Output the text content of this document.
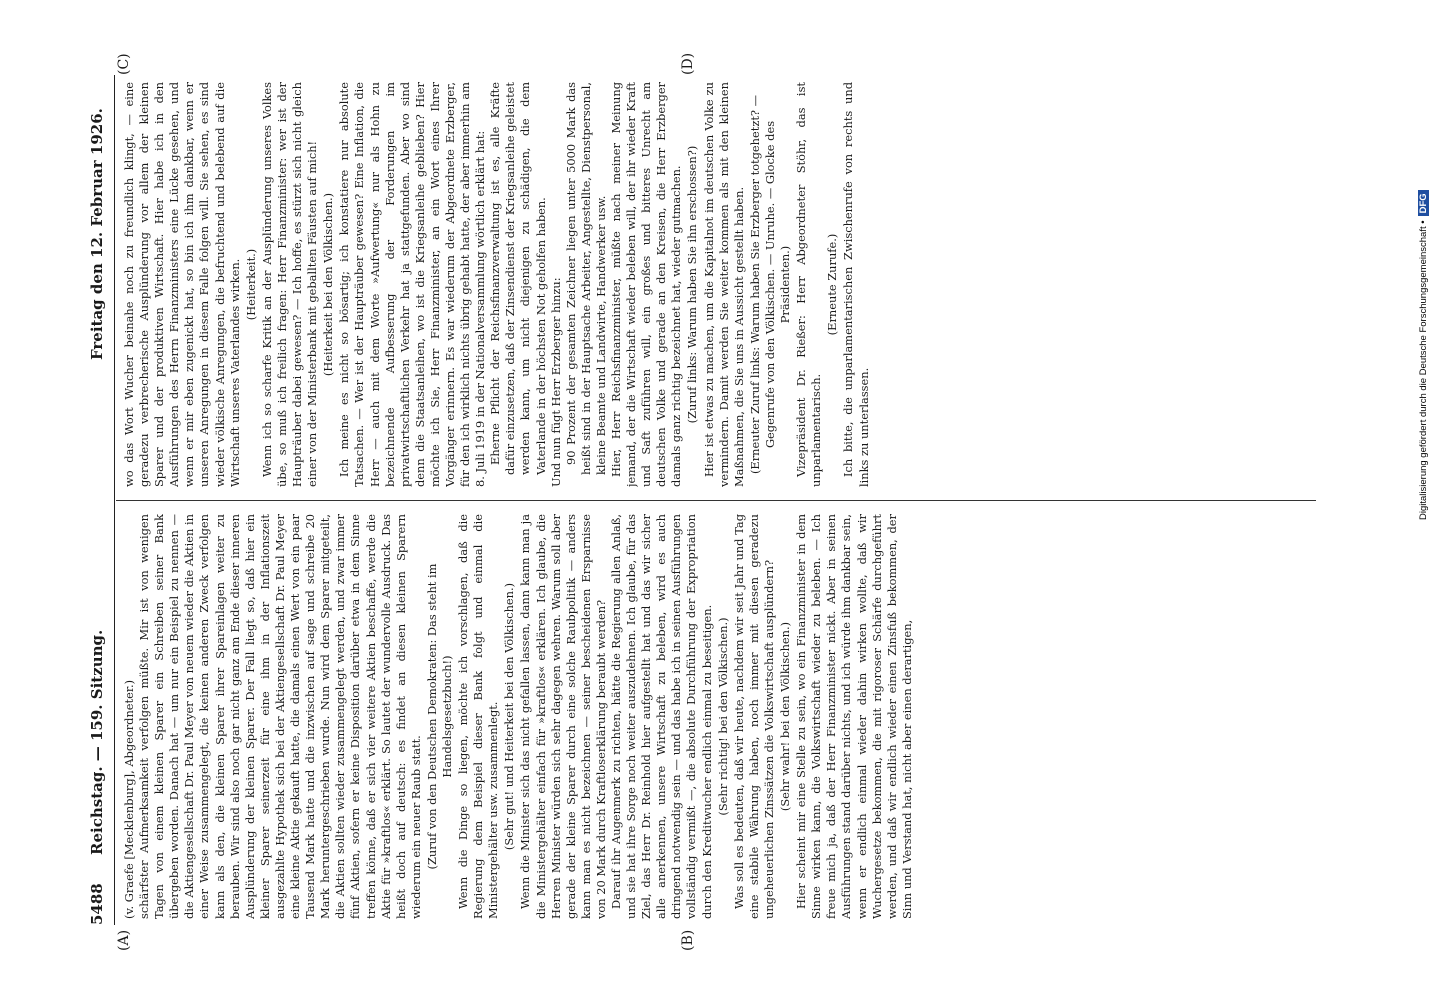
5488
Reichstag. — 159. Sitzung.
Freitag den 12. Februar 1926.
(A)	(B)
(C)	(D)

(v. Graefe [Mecklenburg], Abgeordneter.) schärfster Aufmerksamkeit verfolgen müßte. Mir ist von wenigen Tagen von einem kleinen Sparer ein Schreiben seiner Bank übergeben worden. Danach hat — um nur ein Beispiel zu nennen — die Aktiengesellschaft Dr. Paul Meyer von neuem wieder die Aktien in einer Weise zusammengelegt, die keinen anderen Zweck verfolgen kann als den, die kleinen Sparer ihrer Spareinlagen weiter zu berauben. Wir sind also noch gar nicht ganz am Ende dieser inneren Ausplünderung der kleinen Sparer. Der Fall liegt so, daß hier ein kleiner Sparer seinerzeit für eine ihm in der Inflationszeit ausgezahlte Hypothek sich bei der Aktiengesellschaft Dr. Paul Meyer eine kleine Aktie gekauft hatte, die damals einen Wert von ein paar Tausend Mark hatte und die inzwischen auf sage und schreibe 20 Mark heruntergeschrieben wurde. Nun wird dem Sparer mitgeteilt, die Aktien sollten wieder zusammengelegt werden, und zwar immer fünf Aktien, sofern er keine Disposition darüber etwa in dem Sinne treffen könne, daß er sich vier weitere Aktien beschaffe, werde die Aktie für »kraftlos« erklärt. So lautet der wundervolle Ausdruck. Das heißt doch auf deutsch: es findet an diesen kleinen Sparern wiederum ein neuer Raub statt. (Zuruf von den Deutschen Demokraten: Das steht im Handelsgesetzbuch!) Wenn die Dinge so liegen, möchte ich vorschlagen, daß die Regierung dem Beispiel dieser Bank folgt und einmal die Ministergehälter usw. zusammenlegt. (Sehr gut! und Heiterkeit bei den Völkischen.) Wenn die Minister sich das nicht gefallen lassen, dann kann man ja die Ministergehälter einfach für »kraftlos« erklären. Ich glaube, die Herren Minister würden sich sehr dagegen wehren. Warum soll aber gerade der kleine Sparer durch eine solche Raubpolitik — anders kann man es nicht bezeichnen — seiner bescheidenen Ersparnisse von 20 Mark durch Kraftloserklärung beraubt werden? Darauf ihr Augenmerk zu richten, hätte die Regierung allen Anlaß, und sie hat ihre Sorge noch weiter auszudehnen. Ich glaube, für das Ziel, das Herr Dr. Reinhold hier aufgestellt hat und das wir sicher alle anerkennen, unsere Wirtschaft zu beleben, wird es auch dringend notwendig sein — und das habe ich in seinen Ausführungen vollständig vermißt —, die absolute Durchführung der Expropriation durch den Kreditwucher endlich einmal zu beseitigen. (Sehr richtig! bei den Völkischen.) Was soll es bedeuten, daß wir heute, nachdem wir seit Jahr und Tag eine stabile Währung haben, noch immer mit diesen geradezu ungeheuerlichen Zinssätzen die Volkswirtschaft ausplündern? (Sehr wahr! bei den Völkischen.) Hier scheint mir eine Stelle zu sein, wo ein Finanzminister in dem Sinne wirken kann, die Volkswirtschaft wieder zu beleben. — Ich freue mich ja, daß der Herr Finanzminister nickt. Aber in seinen Ausführungen stand darüber nichts, und ich würde ihm dankbar sein, wenn er endlich einmal wieder dahin wirken wollte, daß wir Wuchergesetze bekommen, die mit rigoroser Schärfe durchgeführt werden, und daß wir endlich wieder einen Zinsfuß bekommen, der Sinn und Verstand hat, nicht aber einen derartigen,

wo das Wort Wucher beinahe noch zu freundlich klingt, — eine geradezu verbrecherische Ausplünderung vor allem der kleinen Sparer und der produktiven Wirtschaft. Hier habe ich in den Ausführungen des Herrn Finanzministers eine Lücke gesehen, und wenn er mir eben zugenickt hat, so bin ich ihm dankbar, wenn er unseren Anregungen in diesem Falle folgen will. Sie sehen, es sind wieder völkische Anregungen, die befruchtend und belebend auf die Wirtschaft unseres Vaterlandes wirken. (Heiterkeit.) Wenn ich so scharfe Kritik an der Ausplünderung unseres Volkes übe, so muß ich freilich fragen: Herr Finanzminister: wer ist der Haupträuber dabei gewesen? — Ich hoffe, es stürzt sich nicht gleich einer von der Ministerbank mit geballten Fäusten auf mich! (Heiterkeit bei den Völkischen.) Ich meine es nicht so bösartig; ich konstatiere nur absolute Tatsachen. — Wer ist der Haupträuber gewesen? Eine Inflation, die Herr — auch mit dem Worte »Aufwertung« nur als Hohn zu bezeichnende Aufbesserung der Forderungen im privatwirtschaftlichen Verkehr hat ja stattgefunden. Aber wo sind denn die Staatsanleihen, wo ist die Kriegsanleihe geblieben? Hier möchte ich Sie, Herr Finanzminister, an ein Wort eines Ihrer Vorgänger erinnern. Es war wiederum der Abgeordnete Erzberger, für den ich wirklich nichts übrig gehabt hatte, der aber immerhin am 8. Juli 1919 in der Nationalversammlung wörtlich erklärt hat: Eherne Pflicht der Reichsfinanzverwaltung ist es, alle Kräfte dafür einzusetzen, daß der Zinsendienst der Kriegsanleihe geleistet werden kann, um nicht diejenigen zu schädigen, die dem Vaterlande in der höchsten Not geholfen haben. Und nun fügt Herr Erzberger hinzu: 90 Prozent der gesamten Zeichner liegen unter 5000 Mark das heißt sind in der Hauptsache Arbeiter, Angestellte, Dienstpersonal, kleine Beamte und Landwirte, Handwerker usw. Hier, Herr Reichsfinanzminister, müßte nach meiner Meinung jemand, der die Wirtschaft wieder beleben will, der ihr wieder Kraft und Saft zuführen will, ein großes und bitteres Unrecht am deutschen Volke und gerade an den Kreisen, die Herr Erzberger damals ganz richtig bezeichnet hat, wieder gutmachen. (Zuruf links: Warum haben Sie ihn erschossen?) Hier ist etwas zu machen, um die Kapitalnot im deutschen Volke zu vermindern. Damit werden Sie weiter kommen als mit den kleinen Maßnahmen, die Sie uns in Aussicht gestellt haben. (Erneuter Zuruf links: Warum haben Sie Erzberger totgehetzt? — Gegenrufe von den Völkischen. — Unruhe. — Glocke des Präsidenten.) Vizepräsident Dr. Rießer: Herr Abgeordneter Stöhr, das ist unparlamentarisch.

(Erneute Zurufe.) Ich bitte, die unparlamentarischen Zwischenrufe von rechts und links zu unterlassen.	Digitalisierung gefördert durch die Deutsche Forschungsgemeinschaft •DFG
